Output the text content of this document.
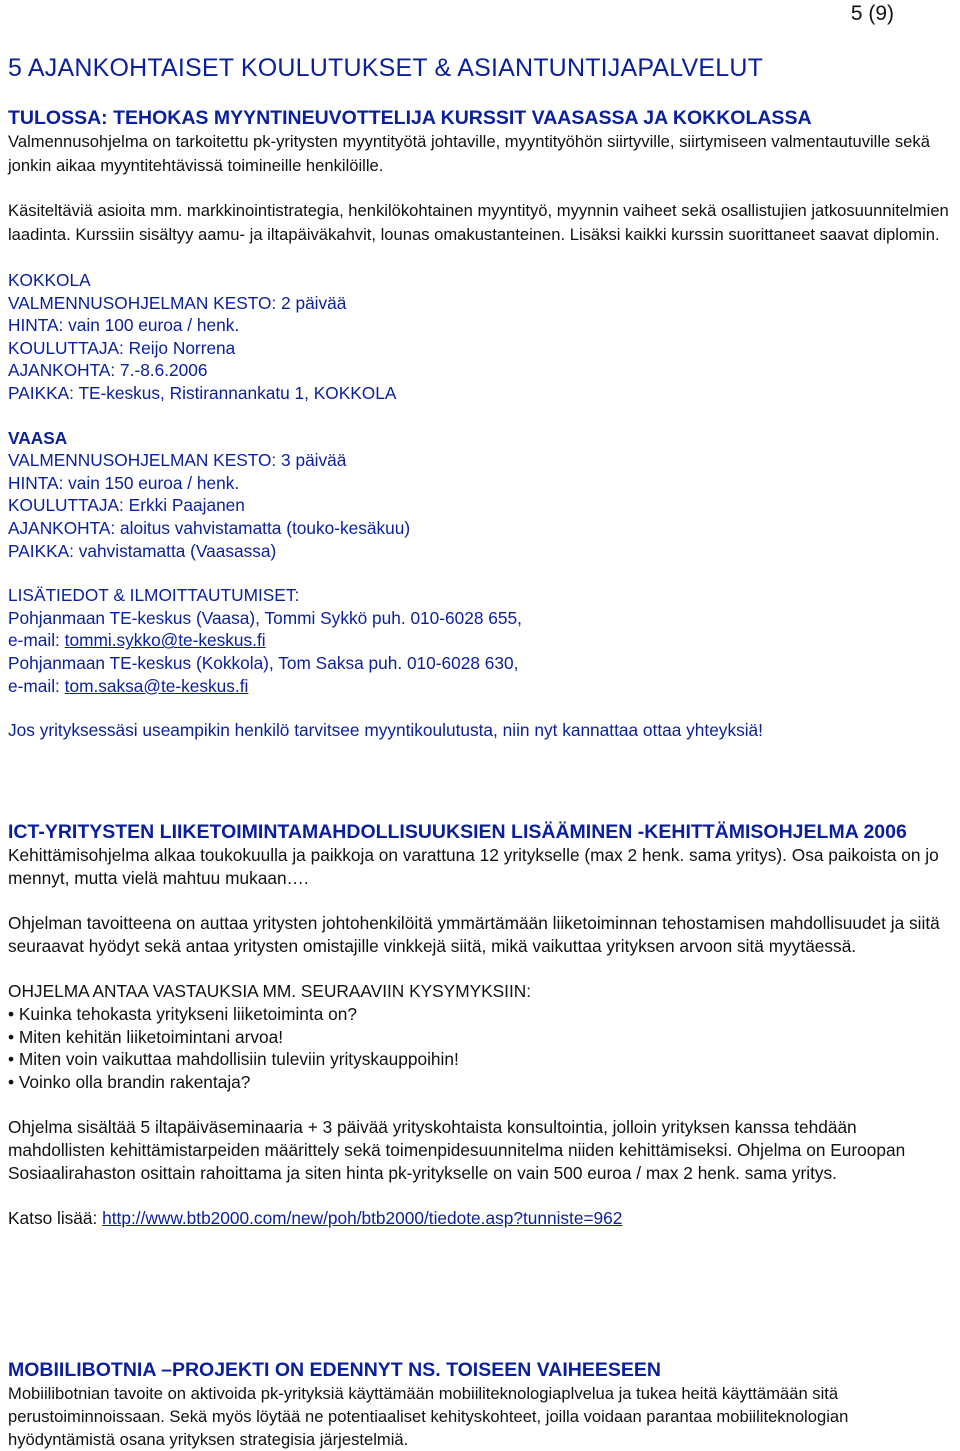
5 (9)
5 AJANKOHTAISET KOULUTUKSET & ASIANTUNTIJAPALVELUT
TULOSSA: TEHOKAS MYYNTINEUVOTTELIJA KURSSIT VAASASSA JA KOKKOLASSA

Valmennusohjelma on tarkoitettu pk-yritysten myyntityötä johtaville, myyntityöhön siirtyville, siirtymiseen valmentautuville sekä jonkin aikaa myyntitehtävissä toimineille henkilöille.

Käsiteltäviä asioita mm. markkinointistrategia, henkilökohtainen myyntityö, myynnin vaiheet sekä osallistujien jatkosuunnitelmien laadinta. Kurssiin sisältyy aamu- ja iltapäiväkahvit, lounas omakustanteinen. Lisäksi kaikki kurssin suorittaneet saavat diplomin.

KOKKOLA
VALMENNUSOHJELMAN KESTO: 2 päivää
HINTA: vain 100 euroa / henk.
KOULUTTAJA: Reijo Norrena
AJANKOHTA: 7.-8.6.2006
PAIKKA: TE-keskus, Ristirannankatu 1, KOKKOLA
VAASA
VALMENNUSOHJELMAN KESTO: 3 päivää
HINTA: vain 150 euroa / henk.
KOULUTTAJA: Erkki Paajanen
AJANKOHTA: aloitus vahvistamatta (touko-kesäkuu)
PAIKKA: vahvistamatta (Vaasassa)
LISÄTIEDOT & ILMOITTAUTUMISET:
Pohjanmaan TE-keskus (Vaasa), Tommi Sykkö puh. 010-6028 655,
e-mail: tommi.sykko@te-keskus.fi
Pohjanmaan TE-keskus (Kokkola), Tom Saksa puh. 010-6028 630,
e-mail: tom.saksa@te-keskus.fi

Jos yrityksessäsi useampikin henkilö tarvitsee myyntikoulutusta, niin nyt kannattaa ottaa yhteyksiä!

ICT-YRITYSTEN LIIKETOIMINTAMAHDOLLISUUKSIEN LISÄÄMINEN -KEHITTÄMISOHJELMA 2006

Kehittämisohjelma alkaa toukokuulla ja paikkoja on varattuna 12 yritykselle (max 2 henk. sama yritys). Osa paikoista on jo mennyt, mutta vielä mahtuu mukaan….

Ohjelman tavoitteena on auttaa yritysten johtohenkilöitä ymmärtämään liiketoiminnan tehostamisen mahdollisuudet ja siitä seuraavat hyödyt sekä antaa yritysten omistajille vinkkejä siitä, mikä vaikuttaa yrityksen arvoon sitä myytäessä.

OHJELMA ANTAA VASTAUKSIA MM. SEURAAVIIN KYSYMYKSIIN:

• Kuinka tehokasta yritykseni liiketoiminta on?
• Miten kehitän liiketoimintani arvoa!
• Miten voin vaikuttaa mahdollisiin tuleviin yrityskauppoihin!
• Voinko olla brandin rakentaja?

Ohjelma sisältää 5 iltapäiväseminaaria + 3 päivää yrityskohtaista konsultointia, jolloin yrityksen kanssa tehdään mahdollisten kehittämistarpeiden määrittely sekä toimenpidesuunnitelma niiden kehittämiseksi. Ohjelma on Euroopan Sosiaalirahaston osittain rahoittama ja siten hinta pk-yritykselle on vain 500 euroa / max 2 henk. sama yritys.

Katso lisää: http://www.btb2000.com/new/poh/btb2000/tiedote.asp?tunniste=962

MOBIILIBOTNIA –PROJEKTI ON EDENNYT NS. TOISEEN VAIHEESEEN

Mobiilibotnian tavoite on aktivoida pk-yrityksiä käyttämään mobiiliteknologiaplvelua ja tukea heitä käyttämään sitä perustoiminnoissaan. Sekä myös löytää ne potentiaaliset kehityskohteet, joilla voidaan parantaa mobiiliteknologian hyödyntämistä osana yrityksen strategisia järjestelmiä.
